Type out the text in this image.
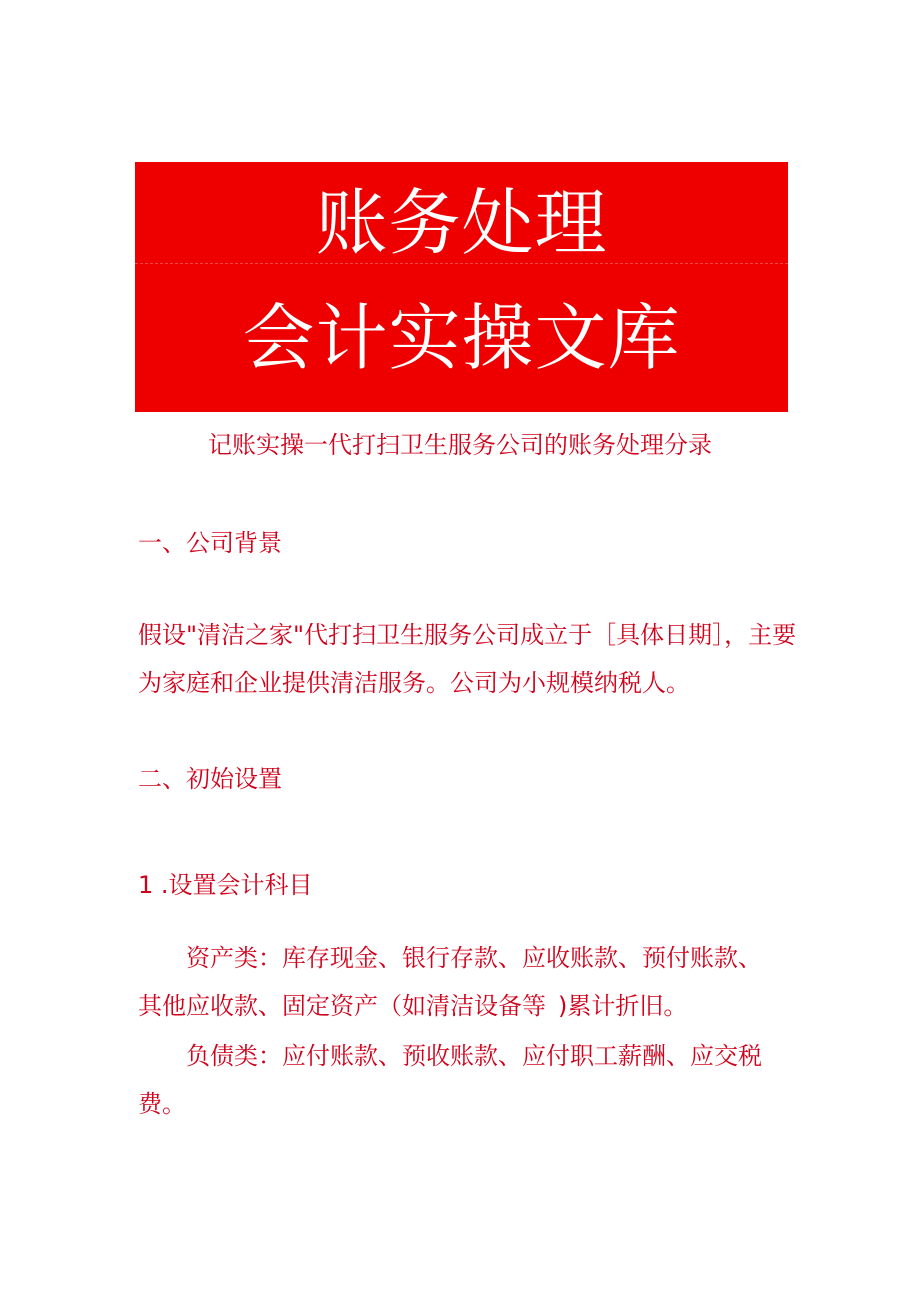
账务处理
会计实操文库
记账实操一代打扫卫生服务公司的账务处理分录
一、公司背景
假设"清洁之家"代打扫卫生服务公司成立于［具体日期］，主要
为家庭和企业提供清洁服务。公司为小规模纳税人。
二、初始设置
1 .设置会计科目
资产类：库存现金、银行存款、应收账款、预付账款、
其他应收款、固定资产（如清洁设备等 )累计折旧。
负债类：应付账款、预收账款、应付职工薪酬、应交税
费。
